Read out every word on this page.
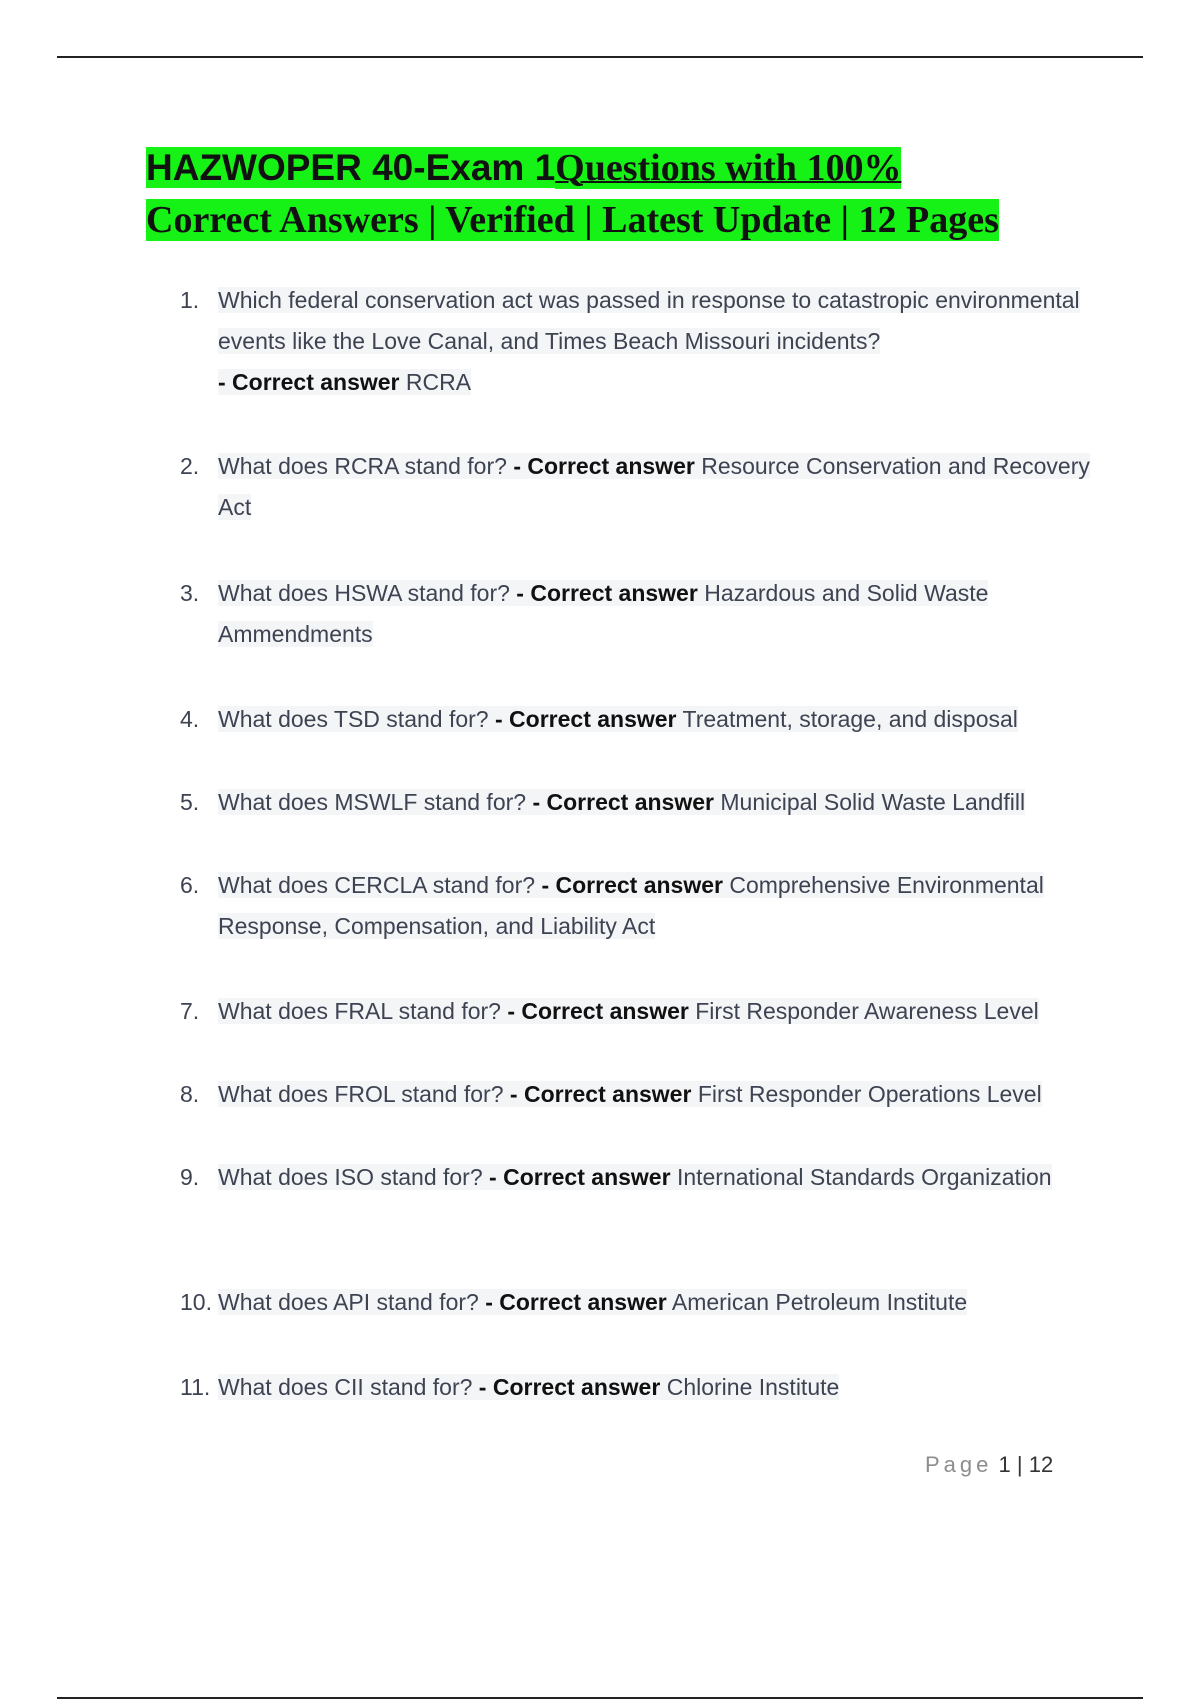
HAZWOPER 40-Exam 1Questions with 100%
Correct Answers | Verified | Latest Update | 12 Pages
1. Which federal conservation act was passed in response to catastropic environmental events like the Love Canal, and Times Beach Missouri incidents?
- Correct answer RCRA
2. What does RCRA stand for? - Correct answer Resource Conservation and Recovery Act
3. What does HSWA stand for? - Correct answer Hazardous and Solid Waste Ammendments
4. What does TSD stand for? - Correct answer Treatment, storage, and disposal
5. What does MSWLF stand for? - Correct answer Municipal Solid Waste Landfill
6. What does CERCLA stand for? - Correct answer Comprehensive Environmental Response, Compensation, and Liability Act
7. What does FRAL stand for? - Correct answer First Responder Awareness Level
8. What does FROL stand for? - Correct answer First Responder Operations Level
9. What does ISO stand for? - Correct answer International Standards Organization
10. What does API stand for? - Correct answer American Petroleum Institute
11. What does CII stand for? - Correct answer Chlorine Institute
Page 1 | 12
